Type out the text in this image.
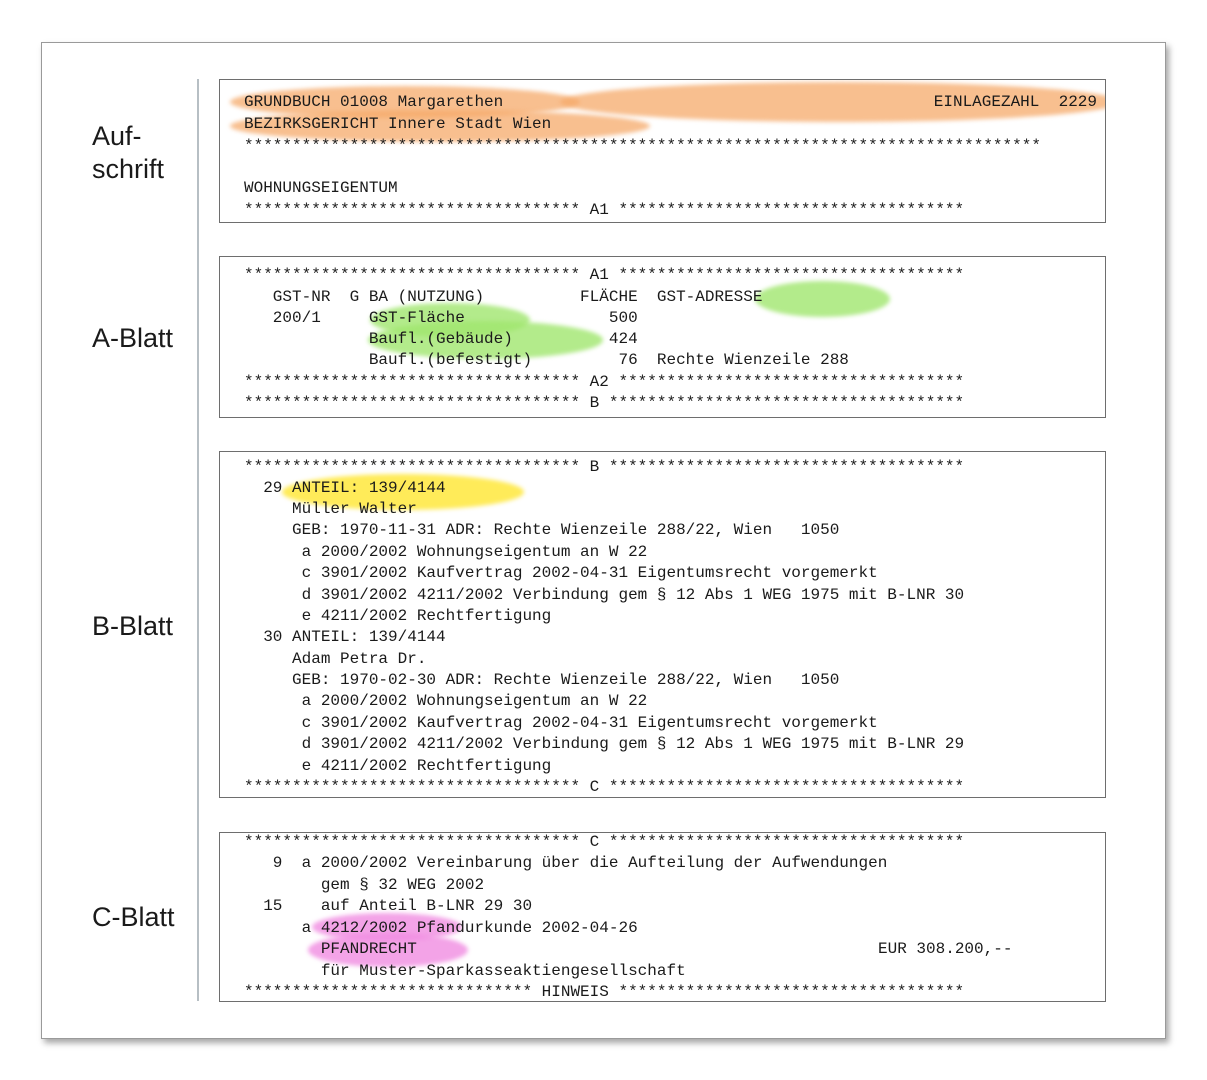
Auf-
schrift
A-Blatt
B-Blatt
C-Blatt
GRUNDBUCH 01008 Margarethen	EINLAGEZAHL  2229
BEZIRKSGERICHT Innere Stadt Wien
***********************************************************************************
WOHNUNGSEIGENTUM
*********************************** A1 ************************************
*********************************** A1 ************************************
GST-NR  G BA (NUTZUNG)          FLÄCHE  GST-ADRESSE
200/1     GST-Fläche               500
Baufl.(Gebäude)          424
Baufl.(befestigt)         76  Rechte Wienzeile 288
*********************************** A2 ************************************
*********************************** B *************************************
*********************************** B *************************************
29 ANTEIL: 139/4144
Müller Walter
GEB: 1970-11-31 ADR: Rechte Wienzeile 288/22, Wien   1050
a 2000/2002 Wohnungseigentum an W 22
c 3901/2002 Kaufvertrag 2002-04-31 Eigentumsrecht vorgemerkt
d 3901/2002 4211/2002 Verbindung gem § 12 Abs 1 WEG 1975 mit B-LNR 30
e 4211/2002 Rechtfertigung
30 ANTEIL: 139/4144
Adam Petra Dr.
GEB: 1970-02-30 ADR: Rechte Wienzeile 288/22, Wien   1050
a 2000/2002 Wohnungseigentum an W 22
c 3901/2002 Kaufvertrag 2002-04-31 Eigentumsrecht vorgemerkt
d 3901/2002 4211/2002 Verbindung gem § 12 Abs 1 WEG 1975 mit B-LNR 29
e 4211/2002 Rechtfertigung
*********************************** C *************************************
*********************************** C *************************************
9  a 2000/2002 Vereinbarung über die Aufteilung der Aufwendungen
gem § 32 WEG 2002
15    auf Anteil B-LNR 29 30
a 4212/2002 Pfandurkunde 2002-04-26
PFANDRECHT	EUR 308.200,--
für Muster-Sparkasseaktiengesellschaft
****************************** HINWEIS ************************************
